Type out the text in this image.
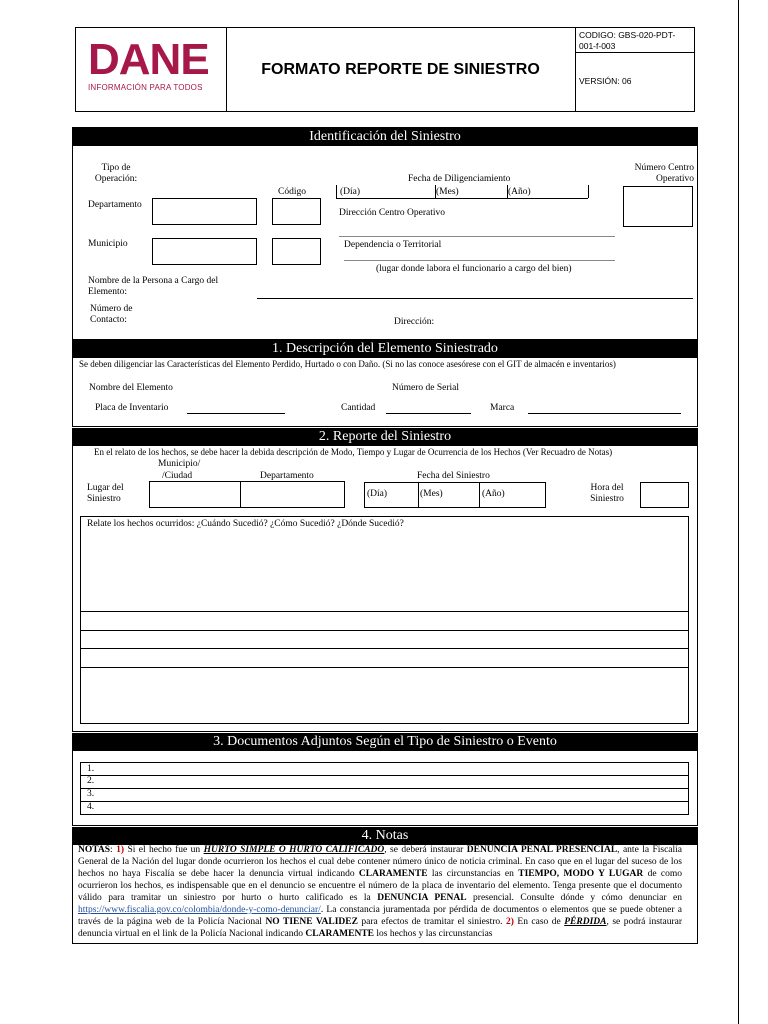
DANE
INFORMACIÓN PARA TODOS
FORMATO REPORTE DE SINIESTRO
CODIGO: GBS-020-PDT-001-f-003
VERSIÓN: 06
Identificación del Siniestro
Tipo de Operación:	Fecha de Diligenciamiento
Número Centro Operativo
Código	(Día)	(Mes)	(Año)
Departamento
Dirección Centro Operativo
Municipio	Dependencia o Territorial
(lugar donde labora el funcionario a cargo del bien)
Nombre de la Persona a Cargo del Elemento:
Número de Contacto:	Dirección:
1. Descripción del Elemento Siniestrado
Se deben diligenciar las Características del Elemento Perdido, Hurtado o con Daño. (Si no las conoce asesórese con el GIT de almacén e inventarios)
Nombre del Elemento	Número de Serial
Placa de Inventario	Cantidad	Marca
2. Reporte del Siniestro
En el relato de los hechos, se debe hacer la debida descripción de Modo, Tiempo y Lugar de Ocurrencia de los Hechos (Ver Recuadro de Notas)
Municipio/
/Ciudad	Departamento	Fecha del Siniestro
Lugar del Siniestro	(Día)	(Mes)	(Año)
Hora del Siniestro
Relate los hechos ocurridos: ¿Cuándo Sucedió? ¿Cómo Sucedió? ¿Dónde Sucedió?
3. Documentos Adjuntos Según el Tipo de Siniestro o Evento
1.
2.
3.
4.
4. Notas
NOTAS: 1) Si el hecho fue un HURTO SIMPLE O HURTO CALIFICADO, se deberá instaurar DENUNCIA PENAL PRESENCIAL, ante la Fiscalía General de la Nación del lugar donde ocurrieron los hechos el cual debe contener número único de noticia criminal. En caso que en el lugar del suceso de los hechos no haya Fiscalía se debe hacer la denuncia virtual indicando CLARAMENTE las circunstancias en TIEMPO, MODO Y LUGAR de como ocurrieron los hechos, es indispensable que en el denuncio se encuentre el número de la placa de inventario del elemento. Tenga presente que el documento válido para tramitar un siniestro por hurto o hurto calificado es la DENUNCIA PENAL presencial. Consulte dónde y cómo denunciar en https://www.fiscalia.gov.co/colombia/donde-y-como-denunciar/. La constancia juramentada por pérdida de documentos o elementos que se puede obtener a través de la página web de la Policía Nacional NO TIENE VALIDEZ para efectos de tramitar el siniestro. 2) En caso de PÉRDIDA, se podrá instaurar denuncia virtual en el link de la Policía Nacional indicando CLARAMENTE los hechos y las circunstancias
